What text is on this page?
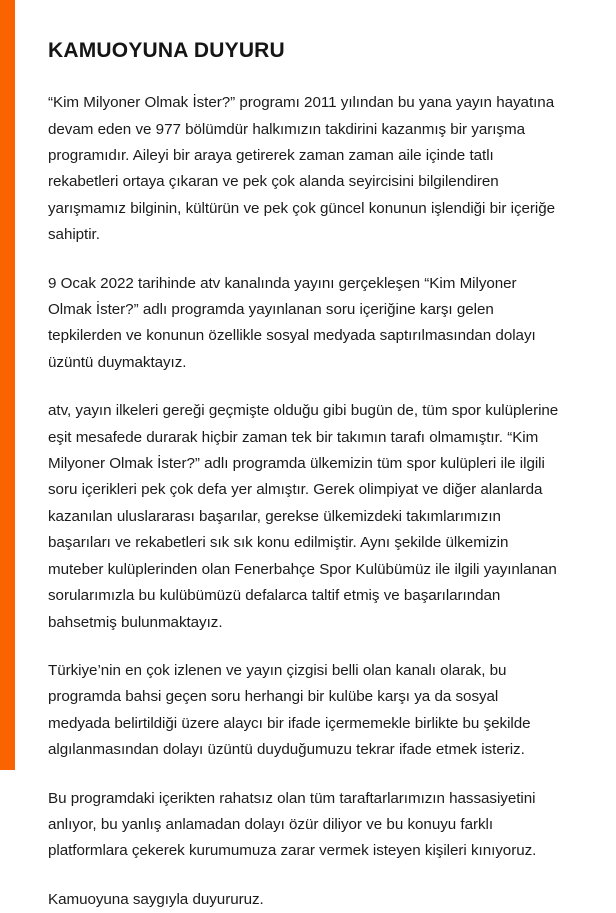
KAMUOYUNA DUYURU

“Kim Milyoner Olmak İster?” programı 2011 yılından bu yana yayın hayatına devam eden ve 977 bölümdür halkımızın takdirini kazanmış bir yarışma programıdır. Aileyi bir araya getirerek zaman zaman aile içinde tatlı rekabetleri ortaya çıkaran ve pek çok alanda seyircisini bilgilendiren yarışmamız bilginin, kültürün ve pek çok güncel konunun işlendiği bir içeriğe sahiptir.

9 Ocak 2022 tarihinde atv kanalında yayını gerçekleşen “Kim Milyoner Olmak İster?” adlı programda yayınlanan soru içeriğine karşı gelen tepkilerden ve konunun özellikle sosyal medyada saptırılmasından dolayı üzüntü duymaktayız.

atv, yayın ilkeleri gereği geçmişte olduğu gibi bugün de, tüm spor kulüplerine eşit mesafede durarak hiçbir zaman tek bir takımın tarafı olmamıştır. “Kim Milyoner Olmak İster?” adlı programda ülkemizin tüm spor kulüpleri ile ilgili soru içerikleri pek çok defa yer almıştır. Gerek olimpiyat ve diğer alanlarda kazanılan uluslararası başarılar, gerekse ülkemizdeki takımlarımızın başarıları ve rekabetleri sık sık konu edilmiştir. Aynı şekilde ülkemizin muteber kulüplerinden olan Fenerbahçe Spor Kulübümüz ile ilgili yayınlanan sorularımızla bu kulübümüzü defalarca taltif etmiş ve başarılarından bahsetmiş bulunmaktayız.

Türkiye’nin en çok izlenen ve yayın çizgisi belli olan kanalı olarak, bu programda bahsi geçen soru herhangi bir kulübe karşı ya da sosyal medyada belirtildiği üzere alaycı bir ifade içermemekle birlikte bu şekilde algılanmasından dolayı üzüntü duyduğumuzu tekrar ifade etmek isteriz.

Bu programdaki içerikten rahatsız olan tüm taraftarlarımızın hassasiyetini anlıyor, bu yanlış anlamadan dolayı özür diliyor ve bu konuyu farklı platformlara çekerek kurumumuza zarar vermek isteyen kişileri kınıyoruz.

Kamuoyuna saygıyla duyururuz.
